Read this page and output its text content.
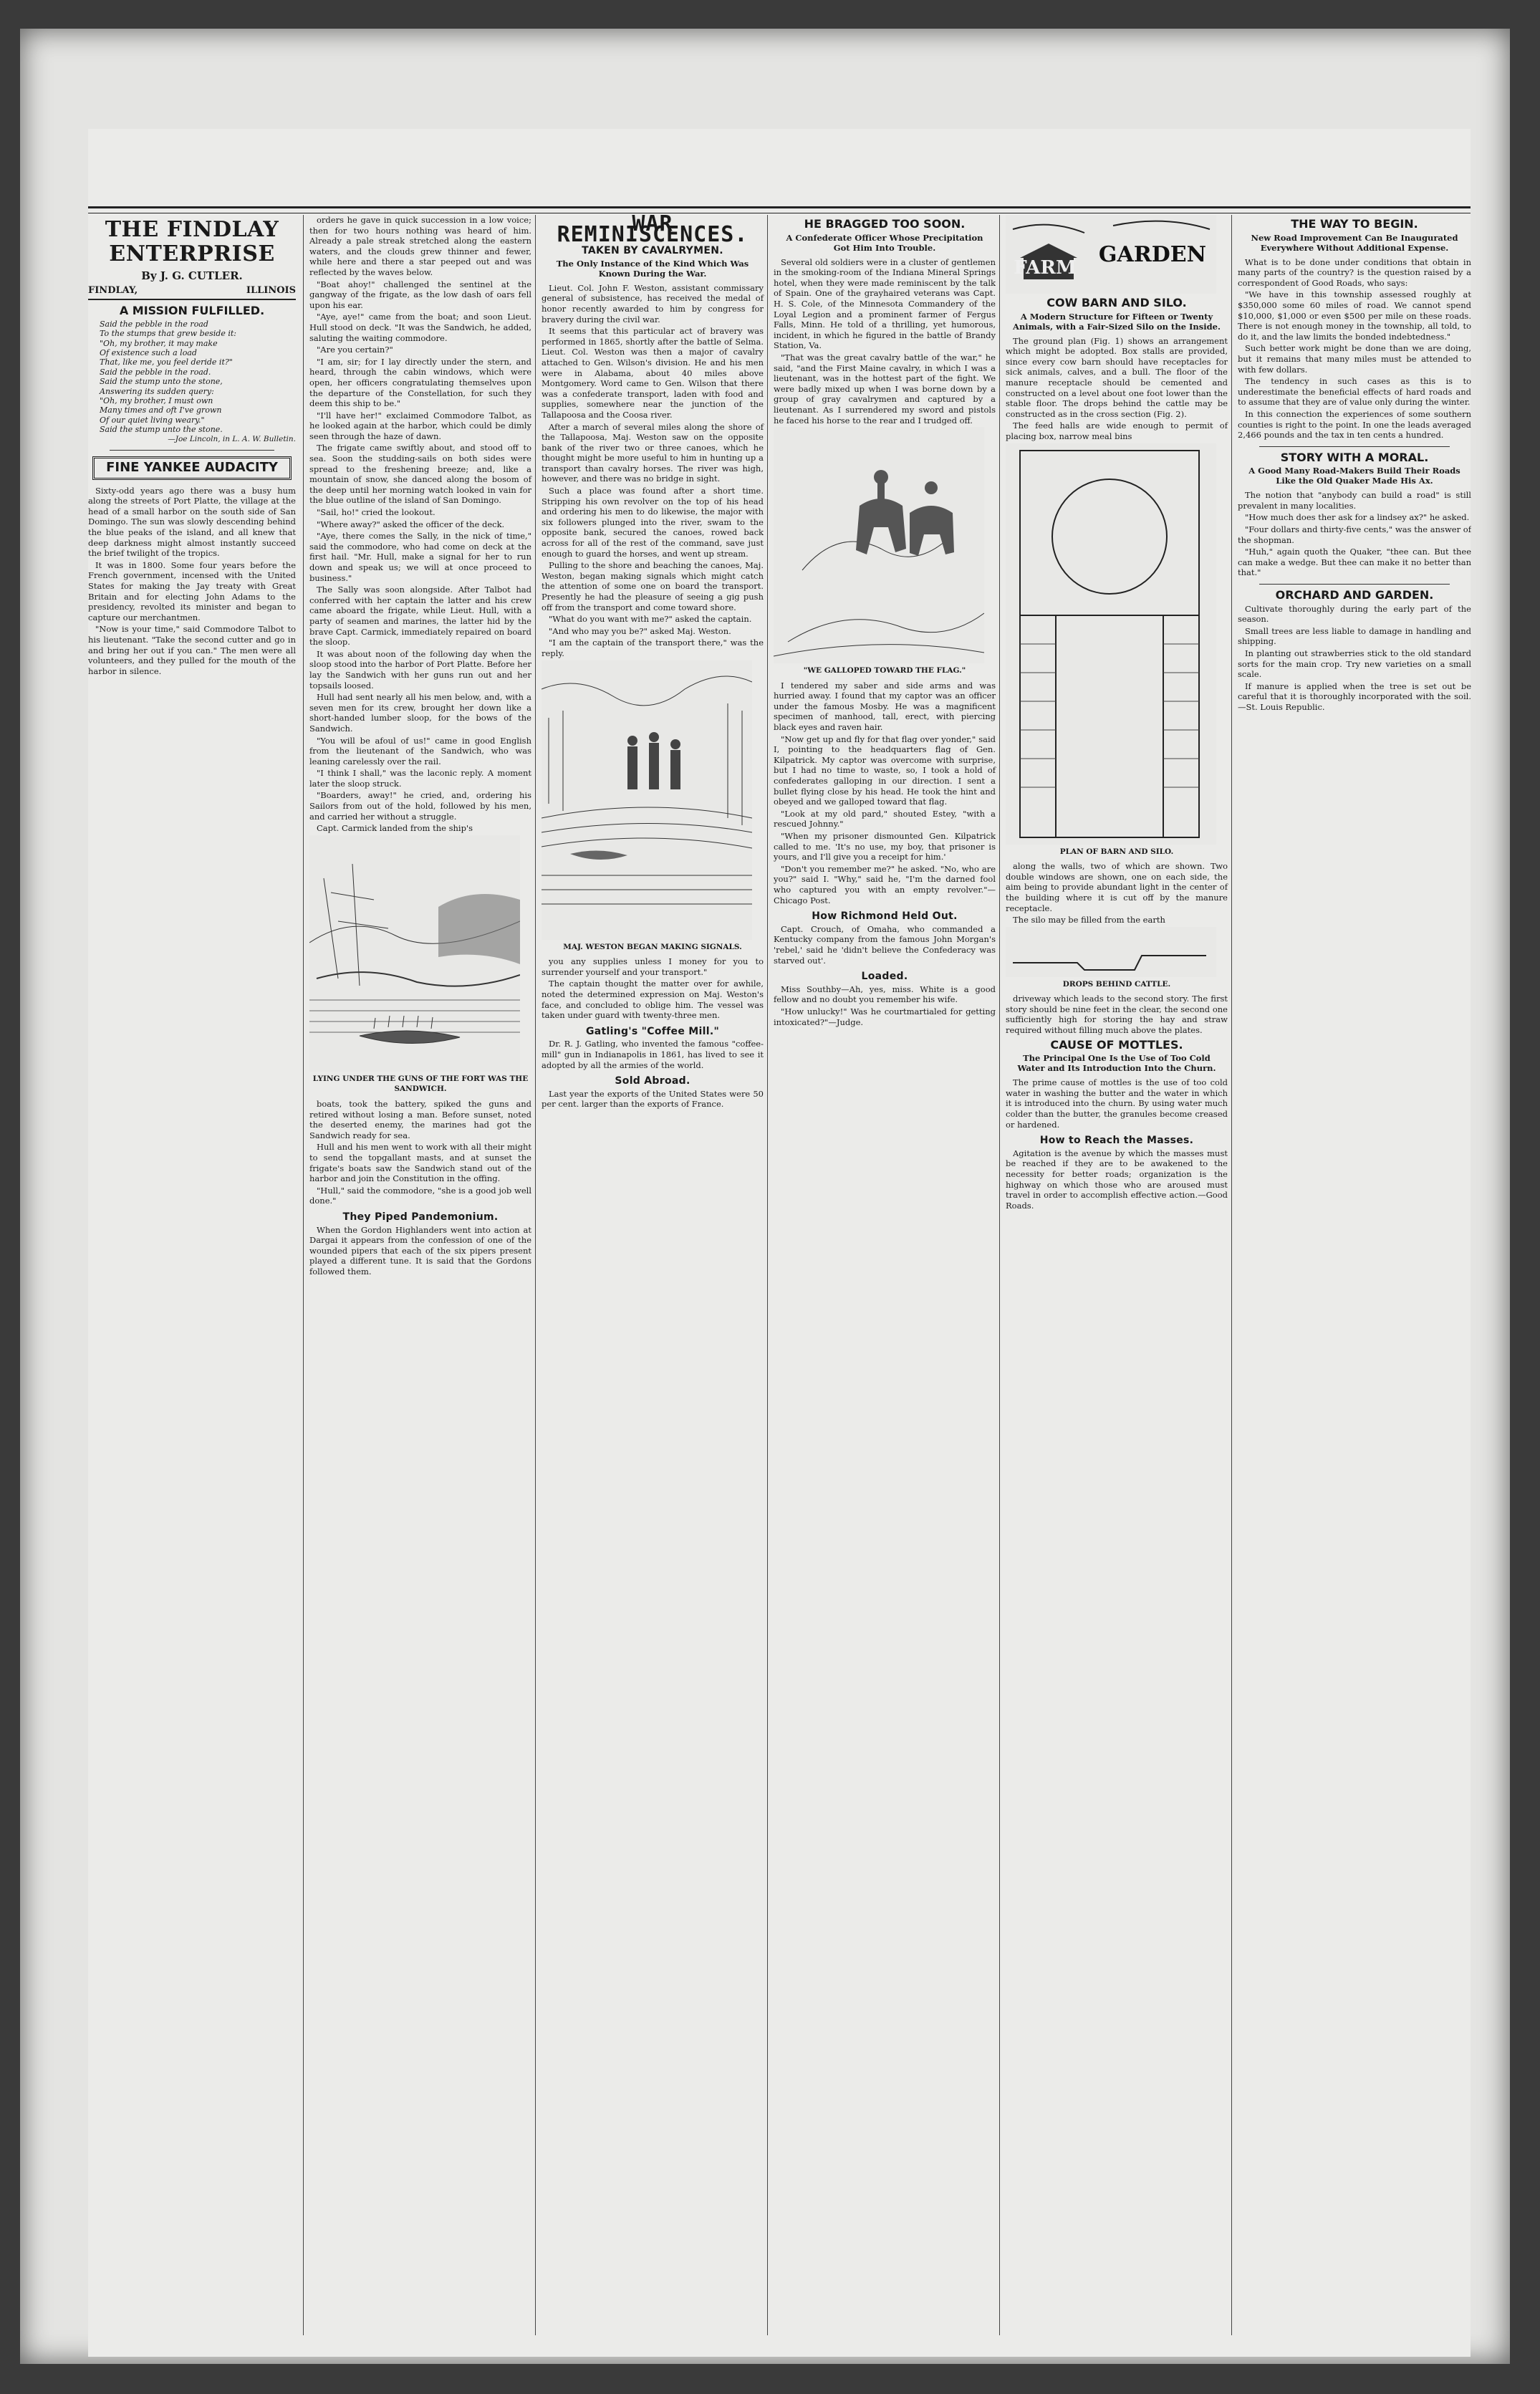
THE FINDLAY ENTERPRISE
By J. G. CUTLER.
FINDLAY,	ILLINOIS
A MISSION FULFILLED.
Said the pebble in the road
To the stumps that grew beside it:
"Oh, my brother, it may make
Of existence such a load
That, like me, you feel deride it?"
Said the pebble in the road.
Said the stump unto the stone,
Answering its sudden query:
"Oh, my brother, I must own
Many times and oft I've grown
Of our quiet living weary."
Said the stump unto the stone.
—Joe Lincoln, in L. A. W. Bulletin.
FINE YANKEE AUDACITY

Sixty-odd years ago there was a busy hum along the streets of Port Platte, the village at the head of a small harbor on the south side of San Domingo. The sun was slowly descending behind the blue peaks of the island, and all knew that deep darkness might almost instantly succeed the brief twilight of the tropics.

It was in 1800. Some four years before the French government, incensed with the United States for making the Jay treaty with Great Britain and for electing John Adams to the presidency, revolted its minister and began to capture our merchantmen.

"Now is your time," said Commodore Talbot to his lieutenant. "Take the second cutter and go in and bring her out if you can." The men were all volunteers, and they pulled for the mouth of the harbor in silence.

orders he gave in quick succession in a low voice; then for two hours nothing was heard of him. Already a pale streak stretched along the eastern waters, and the clouds grew thinner and fewer, while here and there a star peeped out and was reflected by the waves below.

"Boat ahoy!" challenged the sentinel at the gangway of the frigate, as the low dash of oars fell upon his ear.

"Aye, aye!" came from the boat; and soon Lieut. Hull stood on deck. "It was the Sandwich, he added, saluting the waiting commodore.

"Are you certain?"

"I am, sir; for I lay directly under the stern, and heard, through the cabin windows, which were open, her officers congratulating themselves upon the departure of the Constellation, for such they deem this ship to be."

"I'll have her!" exclaimed Commodore Talbot, as he looked again at the harbor, which could be dimly seen through the haze of dawn.

The frigate came swiftly about, and stood off to sea. Soon the studding-sails on both sides were spread to the freshening breeze; and, like a mountain of snow, she danced along the bosom of the deep until her morning watch looked in vain for the blue outline of the island of San Domingo.

"Sail, ho!" cried the lookout.

"Where away?" asked the officer of the deck.

"Aye, there comes the Sally, in the nick of time," said the commodore, who had come on deck at the first hail. "Mr. Hull, make a signal for her to run down and speak us; we will at once proceed to business."

The Sally was soon alongside. After Talbot had conferred with her captain the latter and his crew came aboard the frigate, while Lieut. Hull, with a party of seamen and marines, the latter hid by the brave Capt. Carmick, immediately repaired on board the sloop.

It was about noon of the following day when the sloop stood into the harbor of Port Platte. Before her lay the Sandwich with her guns run out and her topsails loosed.

Hull had sent nearly all his men below, and, with a seven men for its crew, brought her down like a short-handed lumber sloop, for the bows of the Sandwich.

"You will be afoul of us!" came in good English from the lieutenant of the Sandwich, who was leaning carelessly over the rail.

"I think I shall," was the laconic reply. A moment later the sloop struck.

"Boarders, away!" he cried, and, ordering his Sailors from out of the hold, followed by his men, and carried her without a struggle.

Capt. Carmick landed from the ship's

LYING UNDER THE GUNS OF THE FORT WAS THE SANDWICH.

boats, took the battery, spiked the guns and retired without losing a man. Before sunset, noted the deserted enemy, the marines had got the Sandwich ready for sea.

Hull and his men went to work with all their might to send the topgallant masts, and at sunset the frigate's boats saw the Sandwich stand out of the harbor and join the Constitution in the offing.

"Hull," said the commodore, "she is a good job well done."

They Piped Pandemonium.

When the Gordon Highlanders went into action at Dargai it appears from the confession of one of the wounded pipers that each of the six pipers present played a different tune. It is said that the Gordons followed them.

WAR REMINISCENCES.
TAKEN BY CAVALRYMEN.
The Only Instance of the Kind Which Was Known During the War.

Lieut. Col. John F. Weston, assistant commissary general of subsistence, has received the medal of honor recently awarded to him by congress for bravery during the civil war.

It seems that this particular act of bravery was performed in 1865, shortly after the battle of Selma. Lieut. Col. Weston was then a major of cavalry attached to Gen. Wilson's division. He and his men were in Alabama, about 40 miles above Montgomery. Word came to Gen. Wilson that there was a confederate transport, laden with food and supplies, somewhere near the junction of the Tallapoosa and the Coosa river.

After a march of several miles along the shore of the Tallapoosa, Maj. Weston saw on the opposite bank of the river two or three canoes, which he thought might be more useful to him in hunting up a transport than cavalry horses. The river was high, however, and there was no bridge in sight.

Such a place was found after a short time. Stripping his own revolver on the top of his head and ordering his men to do likewise, the major with six followers plunged into the river, swam to the opposite bank, secured the canoes, rowed back across for all of the rest of the command, save just enough to guard the horses, and went up stream.

Pulling to the shore and beaching the canoes, Maj. Weston, began making signals which might catch the attention of some one on board the transport. Presently he had the pleasure of seeing a gig push off from the transport and come toward shore.

"What do you want with me?" asked the captain.

"And who may you be?" asked Maj. Weston.

"I am the captain of the transport there," was the reply.

MAJ. WESTON BEGAN MAKING SIGNALS.

you any supplies unless I money for you to surrender yourself and your transport."

The captain thought the matter over for awhile, noted the determined expression on Maj. Weston's face, and concluded to oblige him. The vessel was taken under guard with twenty-three men.

Gatling's "Coffee Mill."

Dr. R. J. Gatling, who invented the famous "coffee-mill" gun in Indianapolis in 1861, has lived to see it adopted by all the armies of the world.

Sold Abroad.

Last year the exports of the United States were 50 per cent. larger than the exports of France.

HE BRAGGED TOO SOON.
A Confederate Officer Whose Precipitation Got Him Into Trouble.

Several old soldiers were in a cluster of gentlemen in the smoking-room of the Indiana Mineral Springs hotel, when they were made reminiscent by the talk of Spain. One of the grayhaired veterans was Capt. H. S. Cole, of the Minnesota Commandery of the Loyal Legion and a prominent farmer of Fergus Falls, Minn. He told of a thrilling, yet humorous, incident, in which he figured in the battle of Brandy Station, Va.

"That was the great cavalry battle of the war," he said, "and the First Maine cavalry, in which I was a lieutenant, was in the hottest part of the fight. We were badly mixed up when I was borne down by a group of gray cavalrymen and captured by a lieutenant. As I surrendered my sword and pistols he faced his horse to the rear and I trudged off.

"WE GALLOPED TOWARD THE FLAG."

I tendered my saber and side arms and was hurried away. I found that my captor was an officer under the famous Mosby. He was a magnificent specimen of manhood, tall, erect, with piercing black eyes and raven hair.

"Now get up and fly for that flag over yonder," said I, pointing to the headquarters flag of Gen. Kilpatrick. My captor was overcome with surprise, but I had no time to waste, so, I took a hold of confederates galloping in our direction. I sent a bullet flying close by his head. He took the hint and obeyed and we galloped toward that flag.

"Look at my old pard," shouted Estey, "with a rescued Johnny."

"When my prisoner dismounted Gen. Kilpatrick called to me. 'It's no use, my boy, that prisoner is yours, and I'll give you a receipt for him.'

"Don't you remember me?" he asked. "No, who are you?" said I. "Why," said he, "I'm the darned fool who captured you with an empty revolver."—Chicago Post.

How Richmond Held Out.

Capt. Crouch, of Omaha, who commanded a Kentucky company from the famous John Morgan's 'rebel,' said he 'didn't believe the Confederacy was starved out'.

Loaded.

Miss Southby—Ah, yes, miss. White is a good fellow and no doubt you remember his wife.

"How unlucky!" Was he courtmartialed for getting intoxicated?"—Judge.

FARM
GARDEN
COW BARN AND SILO.
A Modern Structure for Fifteen or Twenty Animals, with a Fair-Sized Silo on the Inside.

The ground plan (Fig. 1) shows an arrangement which might be adopted. Box stalls are provided, since every cow barn should have receptacles for sick animals, calves, and a bull. The floor of the manure receptacle should be cemented and constructed on a level about one foot lower than the stable floor. The drops behind the cattle may be constructed as in the cross section (Fig. 2).

The feed halls are wide enough to permit of placing box, narrow meal bins

PLAN OF BARN AND SILO.

along the walls, two of which are shown. Two double windows are shown, one on each side, the aim being to provide abundant light in the center of the building where it is cut off by the manure receptacle.

The silo may be filled from the earth

DROPS BEHIND CATTLE.

driveway which leads to the second story. The first story should be nine feet in the clear, the second one sufficiently high for storing the hay and straw required without filling much above the plates.

CAUSE OF MOTTLES.
The Principal One Is the Use of Too Cold Water and Its Introduction Into the Churn.

The prime cause of mottles is the use of too cold water in washing the butter and the water in which it is introduced into the churn. By using water much colder than the butter, the granules become creased or hardened.

How to Reach the Masses.

Agitation is the avenue by which the masses must be reached if they are to be awakened to the necessity for better roads; organization is the highway on which those who are aroused must travel in order to accomplish effective action.—Good Roads.

THE WAY TO BEGIN.
New Road Improvement Can Be Inaugurated Everywhere Without Additional Expense.

What is to be done under conditions that obtain in many parts of the country? is the question raised by a correspondent of Good Roads, who says:

"We have in this township assessed roughly at $350,000 some 60 miles of road. We cannot spend $10,000, $1,000 or even $500 per mile on these roads. There is not enough money in the township, all told, to do it, and the law limits the bonded indebtedness."

Such better work might be done than we are doing, but it remains that many miles must be attended to with few dollars.

The tendency in such cases as this is to underestimate the beneficial effects of hard roads and to assume that they are of value only during the winter.

In this connection the experiences of some southern counties is right to the point. In one the leads averaged 2,466 pounds and the tax in ten cents a hundred.

STORY WITH A MORAL.
A Good Many Road-Makers Build Their Roads Like the Old Quaker Made His Ax.

The notion that "anybody can build a road" is still prevalent in many localities.

"How much does ther ask for a lindsey ax?" he asked.

"Four dollars and thirty-five cents," was the answer of the shopman.

"Huh," again quoth the Quaker, "thee can. But thee can make a wedge. But thee can make it no better than that."

ORCHARD AND GARDEN.

Cultivate thoroughly during the early part of the season.

Small trees are less liable to damage in handling and shipping.

In planting out strawberries stick to the old standard sorts for the main crop. Try new varieties on a small scale.

If manure is applied when the tree is set out be careful that it is thoroughly incorporated with the soil.—St. Louis Republic.
